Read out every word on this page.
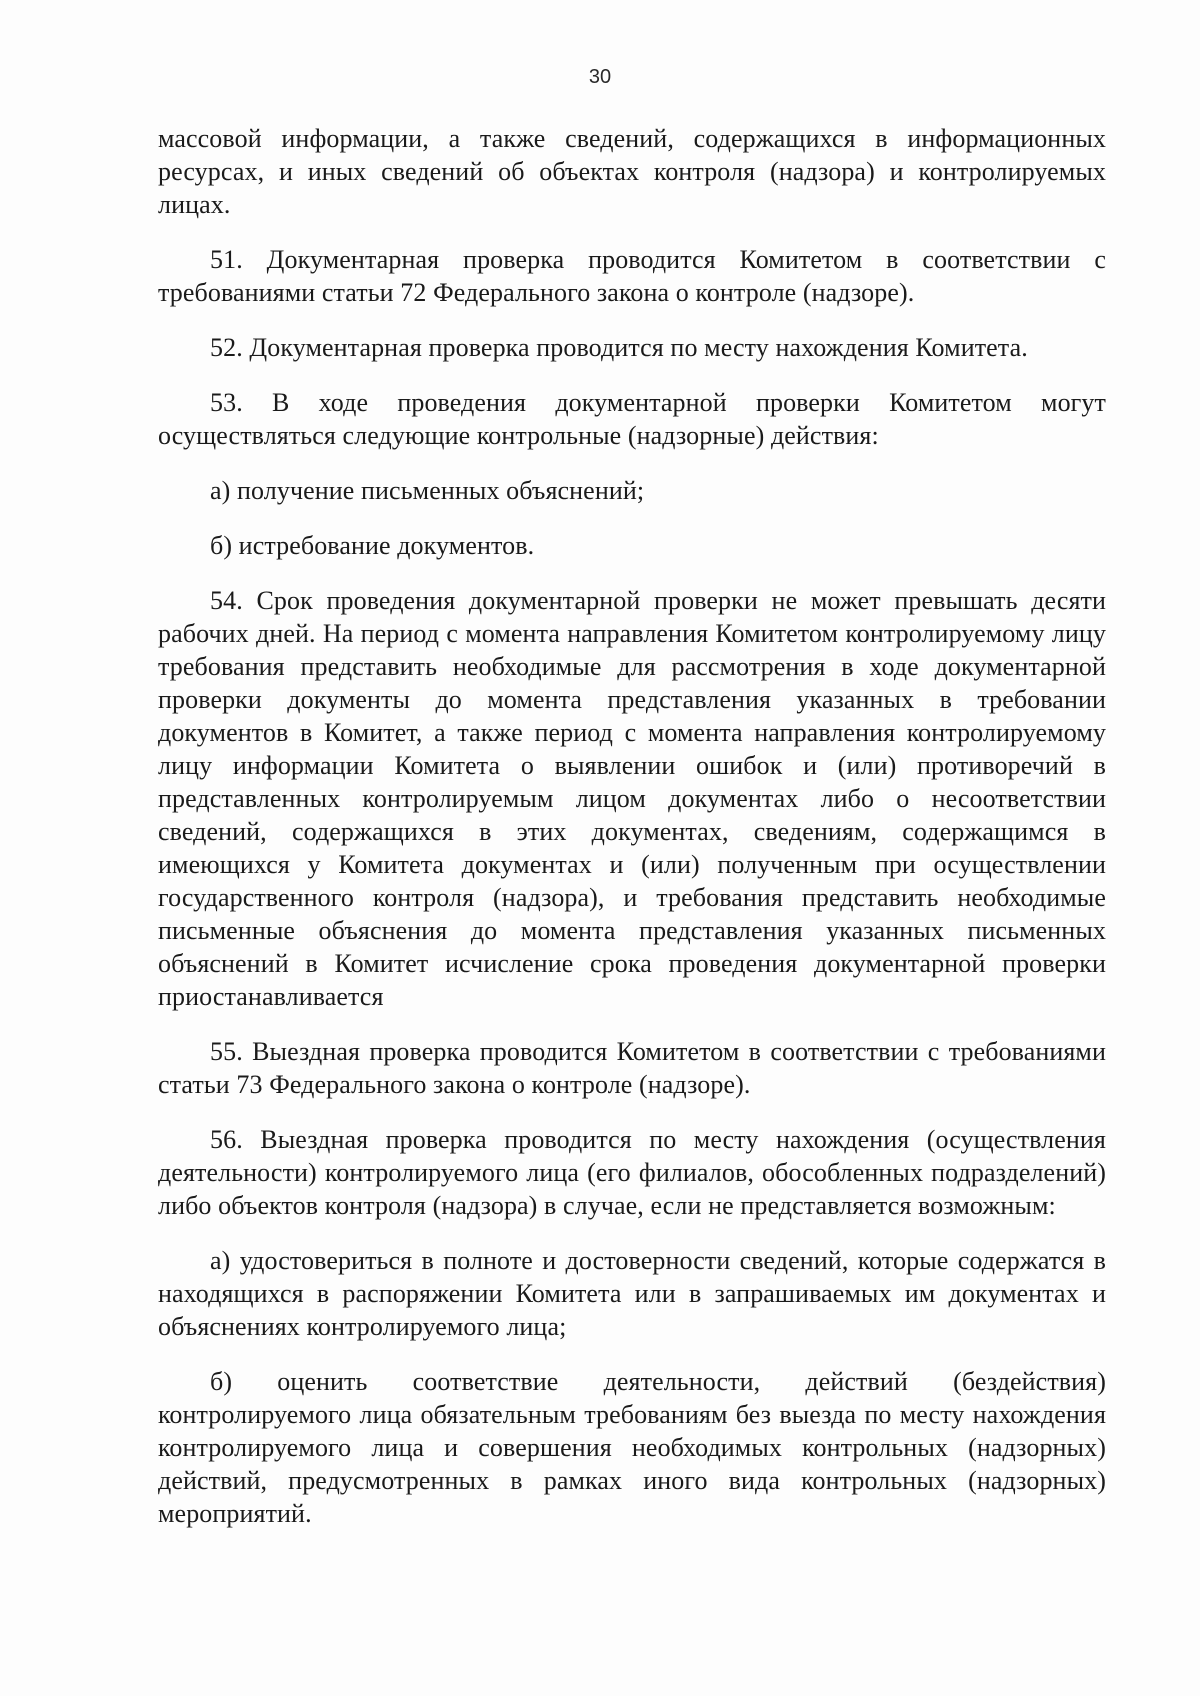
30

массовой информации, а также сведений, содержащихся в информационных ресурсах, и иных сведений об объектах контроля (надзора) и контролируемых лицах.

51. Документарная проверка проводится Комитетом в соответствии с требованиями статьи 72 Федерального закона о контроле (надзоре).

52. Документарная проверка проводится по месту нахождения Комитета.

53. В ходе проведения документарной проверки Комитетом могут осуществляться следующие контрольные (надзорные) действия:

а) получение письменных объяснений;

б) истребование документов.

54. Срок проведения документарной проверки не может превышать десяти рабочих дней. На период с момента направления Комитетом контролируемому лицу требования представить необходимые для рассмотрения в ходе документарной проверки документы до момента представления указанных в требовании документов в Комитет, а также период с момента направления контролируемому лицу информации Комитета о выявлении ошибок и (или) противоречий в представленных контролируемым лицом документах либо о несоответствии сведений, содержащихся в этих документах, сведениям, содержащимся в имеющихся у Комитета документах и (или) полученным при осуществлении государственного контроля (надзора), и требования представить необходимые письменные объяснения до момента представления указанных письменных объяснений в Комитет исчисление срока проведения документарной проверки приостанавливается

55. Выездная проверка проводится Комитетом в соответствии с требованиями статьи 73 Федерального закона о контроле (надзоре).

56. Выездная проверка проводится по месту нахождения (осуществления деятельности) контролируемого лица (его филиалов, обособленных подразделений) либо объектов контроля (надзора) в случае, если не представляется возможным:

а) удостовериться в полноте и достоверности сведений, которые содержатся в находящихся в распоряжении Комитета или в запрашиваемых им документах и объяснениях контролируемого лица;

б) оценить соответствие деятельности, действий (бездействия) контролируемого лица обязательным требованиям без выезда по месту нахождения контролируемого лица и совершения необходимых контрольных (надзорных) действий, предусмотренных в рамках иного вида контрольных (надзорных) мероприятий.
